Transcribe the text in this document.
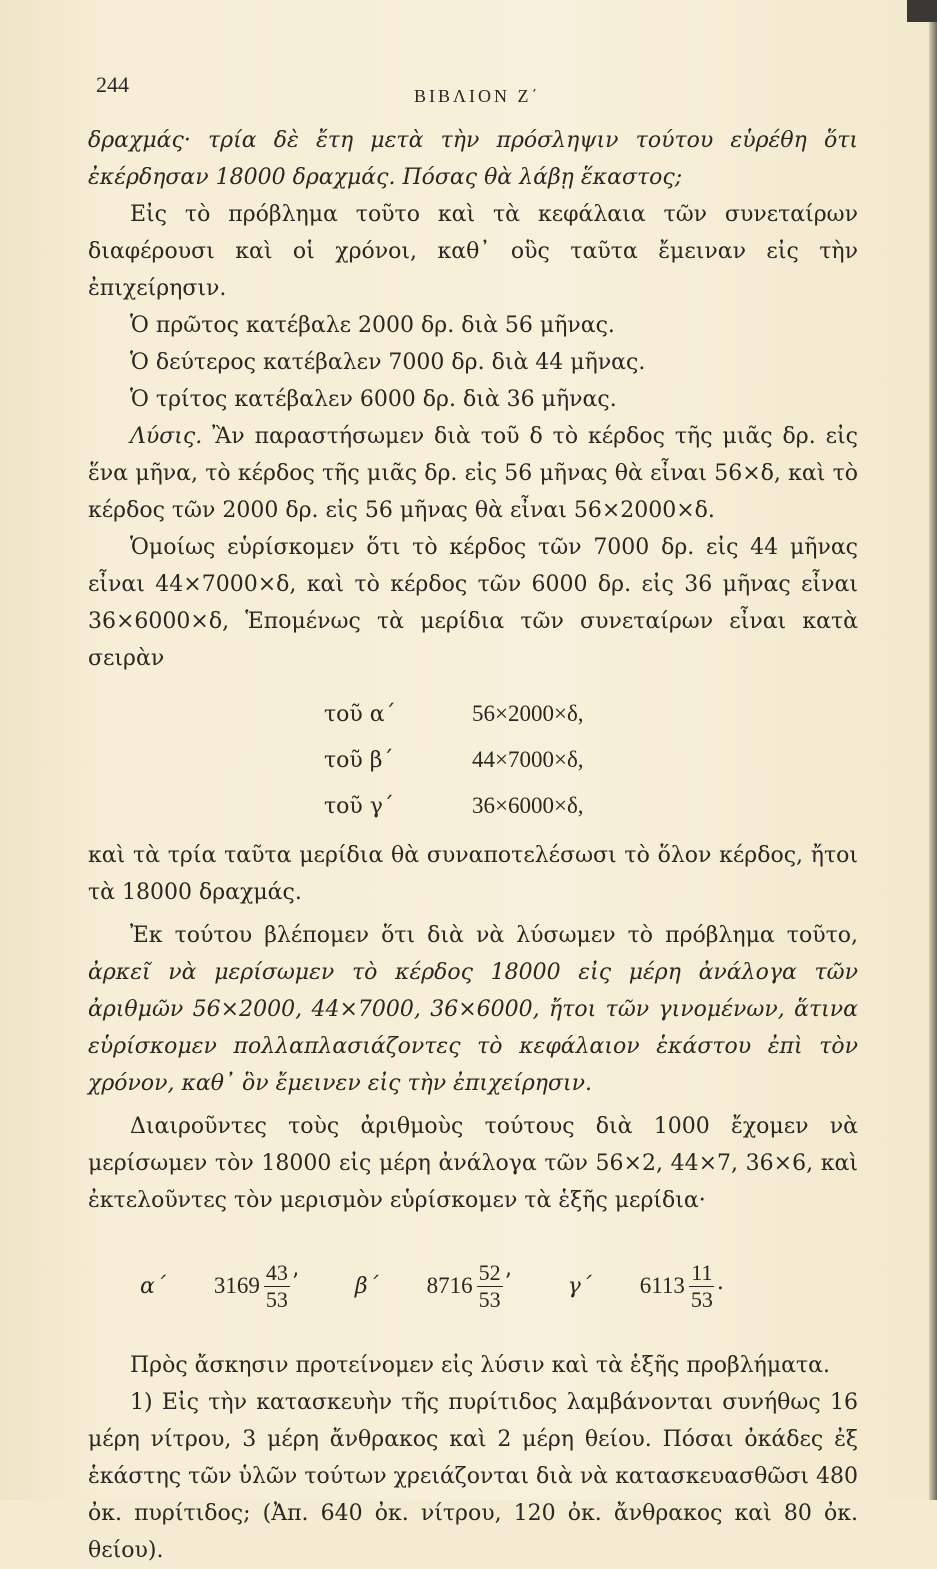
244	ΒΙΒΛΙΟΝ Ζ΄

δραχμάς· τρία δὲ ἔτη μετὰ τὴν πρόσληψιν τούτου εὑρέθη ὅτι ἐκέρδησαν 18000 δραχμάς. Πόσας θὰ λάβῃ ἕκαστος;

Εἰς τὸ πρόβλημα τοῦτο καὶ τὰ κεφάλαια τῶν συνεταίρων διαφέρουσι καὶ οἱ χρόνοι, καθ᾽ οὓς ταῦτα ἔμειναν εἰς τὴν ἐπιχείρησιν.

Ὁ πρῶτος κατέβαλε 2000 δρ. διὰ 56 μῆνας.

Ὁ δεύτερος κατέβαλεν 7000 δρ. διὰ 44 μῆνας.

Ὁ τρίτος κατέβαλεν 6000 δρ. διὰ 36 μῆνας.

Λύσις. Ἂν παραστήσωμεν διὰ τοῦ δ τὸ κέρδος τῆς μιᾶς δρ. εἰς ἕνα μῆνα, τὸ κέρδος τῆς μιᾶς δρ. εἰς 56 μῆνας θὰ εἶναι 56×δ, καὶ τὸ κέρδος τῶν 2000 δρ. εἰς 56 μῆνας θὰ εἶναι 56×2000×δ.

Ὁμοίως εὑρίσκομεν ὅτι τὸ κέρδος τῶν 7000 δρ. εἰς 44 μῆνας εἶναι 44×7000×δ, καὶ τὸ κέρδος τῶν 6000 δρ. εἰς 36 μῆνας εἶναι 36×6000×δ, Ἑπομένως τὰ μερίδια τῶν συνεταίρων εἶναι κατὰ σειρὰν

τοῦ α΄	56×2000×δ,
τοῦ β΄	44×7000×δ,
τοῦ γ΄	36×6000×δ,

καὶ τὰ τρία ταῦτα μερίδια θὰ συναποτελέσωσι τὸ ὅλον κέρδος, ἤτοι τὰ 18000 δραχμάς.

Ἐκ τούτου βλέπομεν ὅτι διὰ νὰ λύσωμεν τὸ πρόβλημα τοῦτο, ἀρκεῖ νὰ μερίσωμεν τὸ κέρδος 18000 εἰς μέρη ἀνάλογα τῶν ἀριθμῶν 56×2000, 44×7000, 36×6000, ἤτοι τῶν γινομένων, ἅτινα εὑρίσκομεν πολλαπλασιάζοντες τὸ κεφάλαιον ἑκάστου ἐπὶ τὸν χρόνον, καθ᾽ ὃν ἔμεινεν εἰς τὴν ἐπιχείρησιν.

Διαιροῦντες τοὺς ἀριθμοὺς τούτους διὰ 1000 ἔχομεν νὰ μερίσωμεν τὸν 18000 εἰς μέρη ἀνάλογα τῶν 56×2, 44×7, 36×6, καὶ ἐκτελοῦντες τὸν μερισμὸν εὑρίσκομεν τὰ ἑξῆς μερίδια·

α΄ $3169 \frac{43}{53}$ ’	β΄ $8716 \frac{52}{53}$ ’	γ΄ $6113 \frac{11}{53}$ .

Πρὸς ἄσκησιν προτείνομεν εἰς λύσιν καὶ τὰ ἑξῆς προβλήματα.

1) Εἰς τὴν κατασκευὴν τῆς πυρίτιδος λαμβάνονται συνήθως 16 μέρη νίτρου, 3 μέρη ἄνθρακος καὶ 2 μέρη θείου. Πόσαι ὀκάδες ἐξ ἑκάστης τῶν ὑλῶν τούτων χρειάζονται διὰ νὰ κατασκευασθῶσι 480 ὀκ. πυρίτιδος; (Ἀπ. 640 ὀκ. νίτρου, 120 ὀκ. ἄνθρακος καὶ 80 ὀκ. θείου).
